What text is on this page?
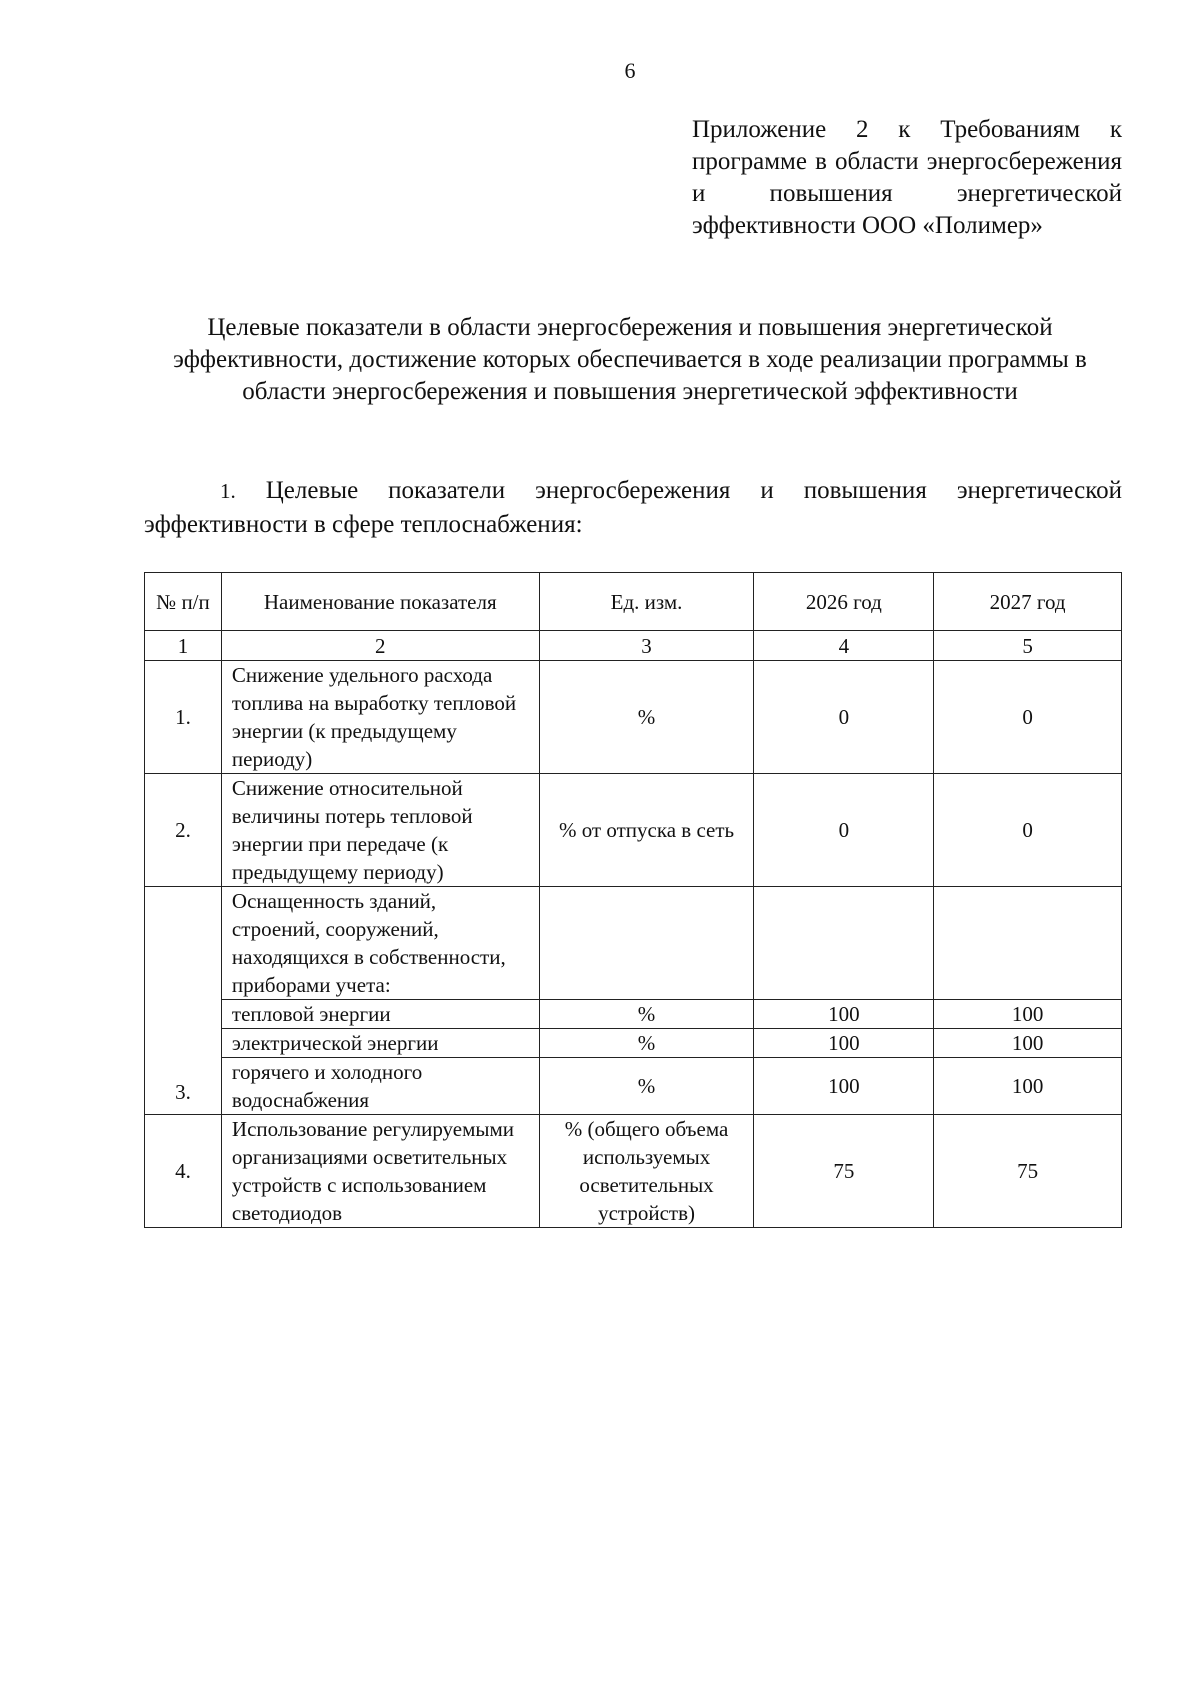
6
Приложение 2 к Требованиям к программе в области энергосбережения и повышения энергетической эффективности ООО «Полимер»
Целевые показатели в области энергосбережения и повышения энергетической эффективности, достижение которых обеспечивается в ходе реализации программы в области энергосбережения и повышения энергетической эффективности
1. Целевые показатели энергосбережения и повышения энергетической эффективности в сфере теплоснабжения:
№ п/п	Наименование показателя	Ед. изм.	2026 год	2027 год
1	2	3	4	5
1.	Снижение удельного расхода топлива на выработку тепловой энергии (к предыдущему периоду)	%	0	0
2.	Снижение относительной величины потерь тепловой энергии при передаче (к предыдущему периоду)	% от отпуска в сеть	0	0
3.	Оснащенность зданий, строений, сооружений, находящихся в собственности, приборами учета:			
	тепловой энергии	%	100	100
	электрической энергии	%	100	100
	горячего и холодного водоснабжения	%	100	100
4.	Использование регулируемыми организациями осветительных устройств с использованием светодиодов	% (общего объема используемых осветительных устройств)	75	75
